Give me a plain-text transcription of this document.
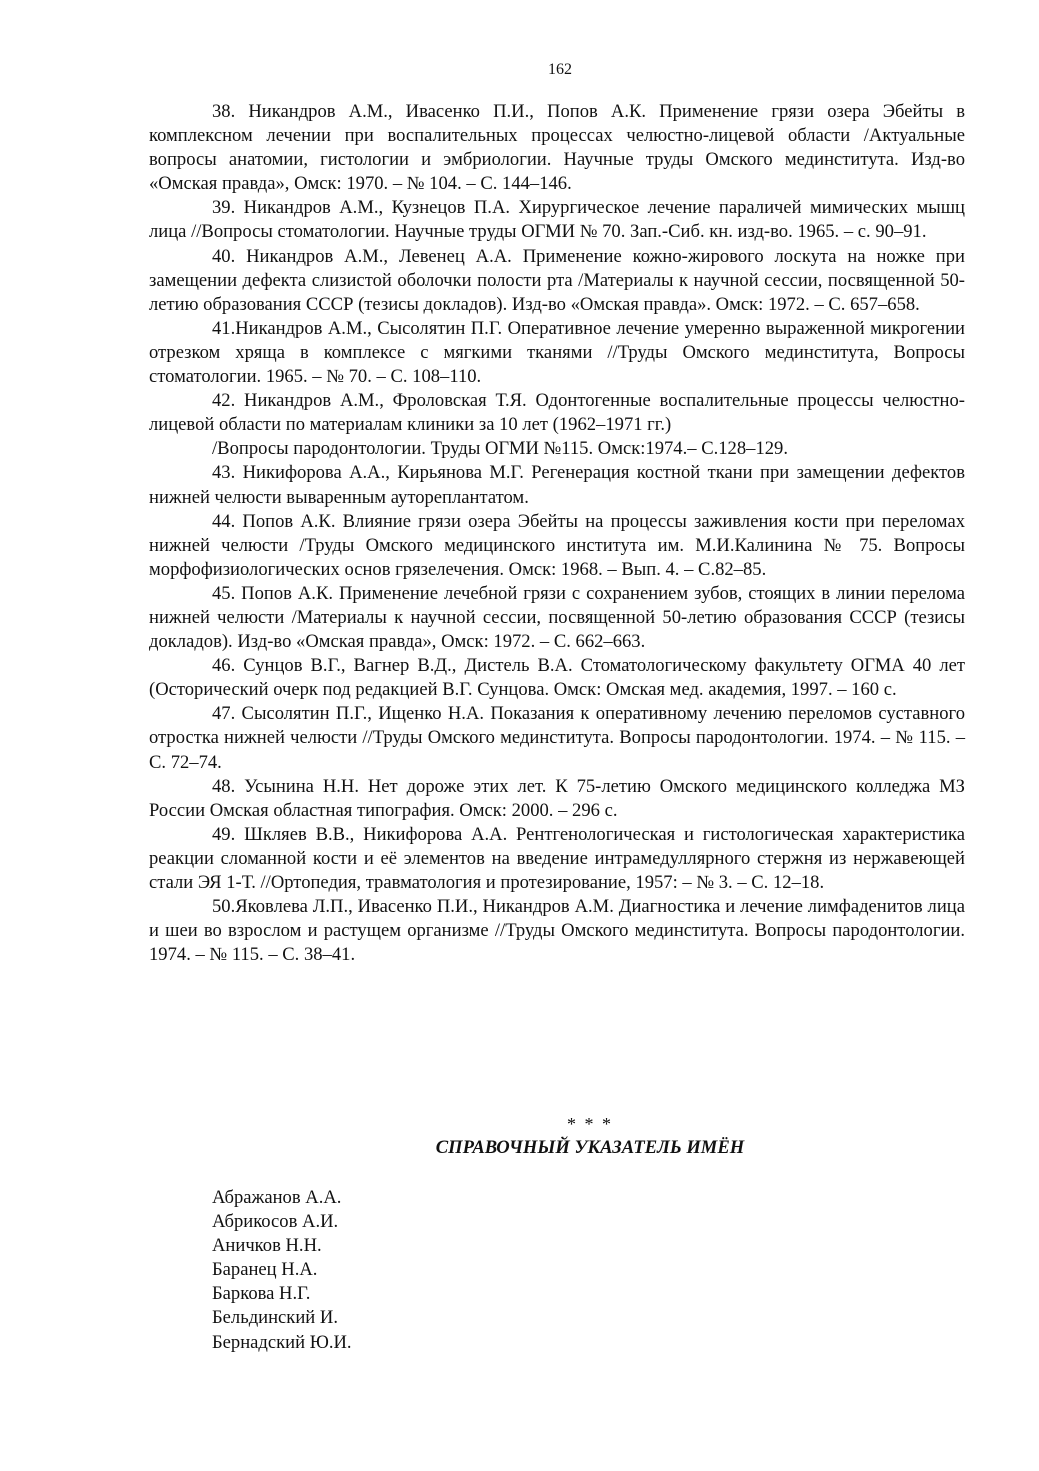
162

38. Никандров А.М., Ивасенко П.И., Попов А.К. Применение грязи озера Эбейты в комплексном лечении при воспалительных процессах челюстно-лицевой области /Актуальные вопросы анатомии, гистологии и эмбриологии. Научные труды Омского мединститута. Изд-во «Омская правда», Омск: 1970. – № 104. – С. 144–146.

39. Никандров А.М., Кузнецов П.А. Хирургическое лечение параличей мимических мышц лица //Вопросы стоматологии. Научные труды ОГМИ № 70. Зап.-Сиб. кн. изд-во. 1965. – с. 90–91.

40. Никандров А.М., Левенец А.А. Применение кожно-жирового лоскута на ножке при замещении дефекта слизистой оболочки полости рта /Материалы к научной сессии, посвященной 50-летию образования СССР (тезисы докладов). Изд-во «Омская правда». Омск: 1972. – С. 657–658.

41.Никандров А.М., Сысолятин П.Г. Оперативное лечение умеренно выраженной микрогении отрезком хряща в комплексе с мягкими тканями //Труды Омского мединститута, Вопросы стоматологии. 1965. – № 70. – С. 108–110.

42. Никандров А.М., Фроловская Т.Я. Одонтогенные воспалительные процессы челюстно-лицевой области по материалам клиники за 10 лет (1962–1971 гг.)

/Вопросы пародонтологии. Труды ОГМИ №115. Омск:1974.– С.128–129.

43. Никифорова А.А., Кирьянова М.Г. Регенерация костной ткани при замещении дефектов нижней челюсти вываренным аутореплантатом.

44. Попов А.К. Влияние грязи озера Эбейты на процессы заживления кости при переломах нижней челюсти /Труды Омского медицинского института им. М.И.Калинина № 75. Вопросы морфофизиологических основ грязелечения. Омск: 1968. – Вып. 4. – С.82–85.

45. Попов А.К. Применение лечебной грязи с сохранением зубов, стоящих в линии перелома нижней челюсти /Материалы к научной сессии, посвященной 50-летию образования СССР (тезисы докладов). Изд-во «Омская правда», Омск: 1972. – С. 662–663.

46. Сунцов В.Г., Вагнер В.Д., Дистель В.А. Стоматологическому факультету ОГМА 40 лет (Осторический очерк под редакцией В.Г. Сунцова. Омск: Омская мед. академия, 1997. – 160 с.

47. Сысолятин П.Г., Ищенко Н.А. Показания к оперативному лечению переломов суставного отростка нижней челюсти //Труды Омского мединститута. Вопросы пародонтологии. 1974. – № 115. – С. 72–74.

48. Усынина Н.Н. Нет дороже этих лет. К 75-летию Омского медицинского колледжа МЗ России Омская областная типография. Омск: 2000. – 296 с.

49. Шкляев В.В., Никифорова А.А. Рентгенологическая и гистологическая характеристика реакции сломанной кости и её элементов на введение интрамедуллярного стержня из нержавеющей стали ЭЯ 1-Т. //Ортопедия, травматология и протезирование, 1957: – № 3. – С. 12–18.

50.Яковлева Л.П., Ивасенко П.И., Никандров А.М. Диагностика и лечение лимфаденитов лица и шеи во взрослом и растущем организме //Труды Омского мединститута. Вопросы пародонтологии. 1974. – № 115. – С. 38–41.

* * *
СПРАВОЧНЫЙ УКАЗАТЕЛЬ ИМЁН
Абражанов А.А.
Абрикосов А.И.
Аничков Н.Н.
Баранец Н.А.
Баркова Н.Г.
Бельдинский И.
Бернадский Ю.И.
